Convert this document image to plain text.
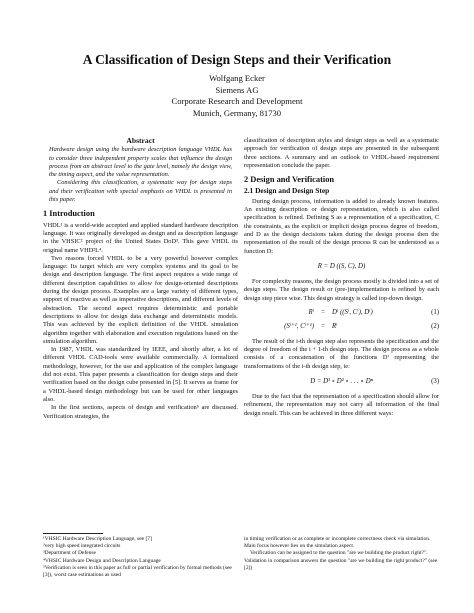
A Classification of Design Steps and their Verification
Wolfgang Ecker
Siemens AG
Corporate Research and Development
Munich, Germany, 81730
Abstract

Hardware design using the hardware description language VHDL has to consider three independent property scales that influence the design process from an abstract level to the gate level, namely the design view, the timing aspect, and the value representation.

Considering this classification, a systematic way for design steps and their verification with special emphasis on VHDL is presented in this paper.

1 Introduction

VHDL¹ is a world-wide accepted and applied standard hardware description language. It was originally developed as design and as description language in the VHSIC² project of the United States DoD³. This gave VHDL its original name VHD²L⁴.

Two reasons forced VHDL to be a very powerful however complex language: Its target which are very complex systems and its goal to be design and description language. The first aspect requires a wide range of different description capabilities to allow for design-oriented descriptions during the design process. Examples are a large variety of different types, support of reactive as well as imperative descriptions, and different levels of abstraction. The second aspect requires deterministic and portable descriptions to allow for design data exchange and deterministic models. This was achieved by the explicit definition of the VHDL simulation algorithm together with elaboration and execution regulations based on the simulation algorithm.

In 1987, VHDL was standardized by IEEE, and shortly after, a lot of different VHDL CAD-tools were available commercially. A formalized methodology, however, for the use and application of the complex language did not exist. This paper presents a classification for design steps and their verification based on the design cube presented in [5]. It serves as frame for a VHDL-based design methodology but can be used for other languages also.

In the first sections, aspects of design and verification⁵ are discussed. Verification strategies, the

classification of description styles and design steps as well as a systematic approach for verification of design steps are presented in the subsequent three sections. A summary and an outlook to VHDL-based requirement representation conclude the paper.

2 Design and Verification
2.1 Design and Design Step

During design process, information is added to already known features. An existing description or design representation, which is also called specification is refined. Defining S as a representation of a specification, C the constraints, as the explicit or implicit design process degree of freedom, and D as the design decisions taken during the design process then the representation of the result of the design process R can be understood as a function D:

R = D ((S, C), D)

For complexity reasons, the design process mostly is divided into a set of design steps. The design result or (pre-)implementation is refined by each design step piece wise. This design strategy is called top-down design.

Rⁱ	=	Dⁱ ((Sⁱ, Cⁱ), Dⁱ)	(1)
(Sⁱ⁺¹, Cⁱ⁺¹)	=	Rⁱ	(2)

The result of the i-th design step also represents the specification and the degree of freedom of the i + 1-th design step. The design process as a whole consists of a concatenation of the functions Dⁱ representing the transformations of the i-th design step, ie:

D = D¹ ∘ D² ∘ . . . ∘ Dⁿ	(3)

Due to the fact that the representation of a specification should allow for refinement, the representation may not carry all information of the final design result. This can be achieved in three different ways:

¹VHSIC Hardware Description Language, see [7]

²very high speed integrated circuits

³Department of Defense

⁴VHSIC Hardware Design and Description Language

⁵Verification is seen in this paper as full or partial verification by formal methods (see [3]), worst case estimations as used

in timing verification or as complete or incomplete correctness check via simulation. Main focus however lies on the simulation aspect.

Verification can be assigned to the question "are we building the product right?". Validation in comparison answers the question "are we building the right product?" (see [2])
